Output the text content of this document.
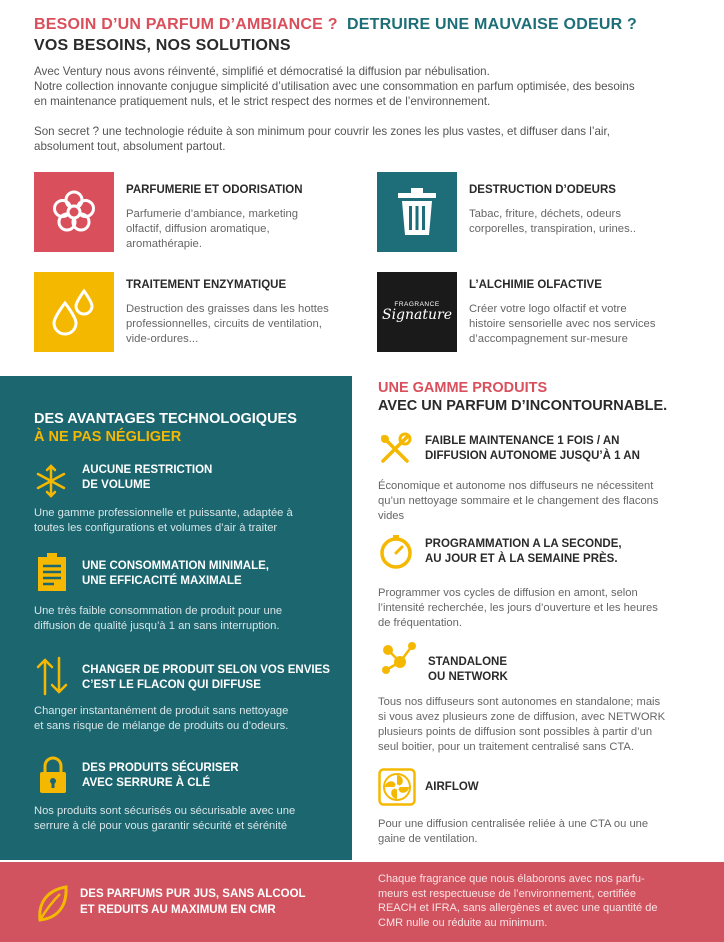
BESOIN D’UN PARFUM D’AMBIANCE ? DETRUIRE UNE MAUVAISE ODEUR ?
VOS BESOINS, NOS SOLUTIONS
Avec Ventury nous avons réinventé, simplifié et démocratisé la diffusion par nébulisation.
Notre collection innovante conjugue simplicité d’utilisation avec une consommation en parfum optimisée, des besoins
en maintenance pratiquement nuls, et le strict respect des normes et de l’environnement.
Son secret ? une technologie réduite à son minimum pour couvrir les zones les plus vastes, et diffuser dans l’air,
absolument tout, absolument partout.
PARFUMERIE ET ODORISATION
Parfumerie d’ambiance, marketing
olfactif, diffusion aromatique,
aromathérapie.
DESTRUCTION D’ODEURS
Tabac, friture, déchets, odeurs
corporelles, transpiration, urines..
TRAITEMENT ENZYMATIQUE
Destruction des graisses dans les hottes
professionnelles, circuits de ventilation,
vide-ordures...
FRAGRANCE
Signature
L’ALCHIMIE OLFACTIVE
Créer votre logo olfactif et votre
histoire sensorielle avec nos services
d’accompagnement sur-mesure
DES AVANTAGES TECHNOLOGIQUES
À NE PAS NÉGLIGER
AUCUNE RESTRICTION
DE VOLUME
Une gamme professionnelle et puissante, adaptée à
toutes les configurations et volumes d’air à traiter
UNE CONSOMMATION MINIMALE,
UNE EFFICACITÉ MAXIMALE
Une très faible consommation de produit pour une
diffusion de qualité jusqu’à 1 an sans interruption.
CHANGER DE PRODUIT SELON VOS ENVIES
C’EST LE FLACON QUI DIFFUSE
Changer instantanément de produit sans nettoyage
et sans risque de mélange de produits ou d’odeurs.
DES PRODUITS SÉCURISER
AVEC SERRURE À CLÉ
Nos produits sont sécurisés ou sécurisable avec une
serrure à clé pour vous garantir sécurité et sérénité
UNE GAMME PRODUITS
AVEC UN PARFUM D’INCONTOURNABLE.
FAIBLE MAINTENANCE 1 FOIS / AN
DIFFUSION AUTONOME JUSQU’À 1 AN
Économique et autonome nos diffuseurs ne nécessitent
qu’un nettoyage sommaire et le changement des flacons
vides
PROGRAMMATION A LA SECONDE,
AU JOUR ET À LA SEMAINE PRÈS.
Programmer vos cycles de diffusion en amont, selon
l’intensité recherchée, les jours d’ouverture et les heures
de fréquentation.
STANDALONE
OU NETWORK
Tous nos diffuseurs sont autonomes en standalone; mais
si vous avez plusieurs zone de diffusion, avec NETWORK
plusieurs points de diffusion sont possibles à partir d’un
seul boitier, pour un traitement centralisé sans CTA.
AIRFLOW
Pour une diffusion centralisée reliée à une CTA ou une
gaine de ventilation.
DES PARFUMS PUR JUS, SANS ALCOOL
ET REDUITS AU MAXIMUM EN CMR
Chaque fragrance que nous élaborons avec nos parfu-
meurs est respectueuse de l’environnement, certifiée
REACH et IFRA, sans allergènes et avec une quantité de
CMR nulle ou réduite au minimum.
